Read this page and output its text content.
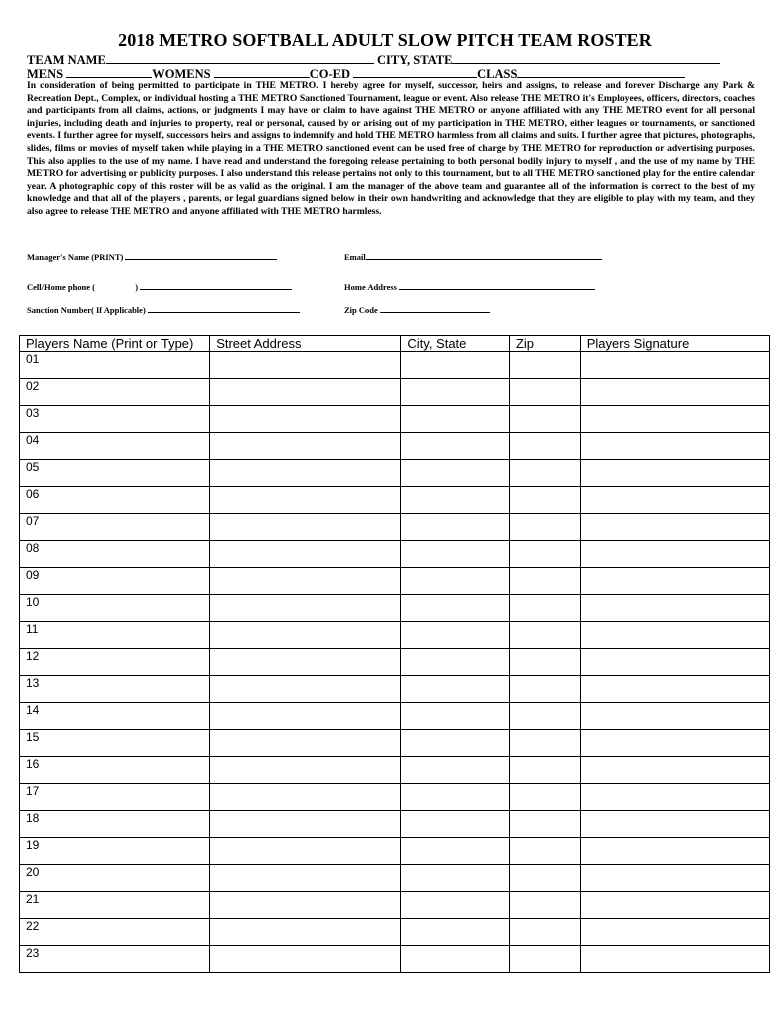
2018 METRO SOFTBALL ADULT SLOW PITCH TEAM ROSTER
TEAM NAME	CITY, STATE
MENS	WOMENS	CO-ED	CLASS
In consideration of being permitted to participate in THE METRO. I hereby agree for myself, successor, heirs and assigns, to release and forever Discharge any Park & Recreation Dept., Complex, or individual hosting a THE METRO Sanctioned Tournament, league or event. Also release THE METRO it's Employees, officers, directors, coaches and participants from all claims, actions, or judgments I may have or claim to have against THE METRO or anyone affiliated with any THE METRO event for all personal injuries, including death and injuries to property, real or personal, caused by or arising out of my participation in THE METRO, either leagues or tournaments, or sanctioned events. I further agree for myself, successors heirs and assigns to indemnify and hold THE METRO harmless from all claims and suits. I further agree that pictures, photographs, slides, films or movies of myself taken while playing in a THE METRO sanctioned event can be used free of charge by THE METRO for reproduction or advertising purposes. This also applies to the use of my name. I have read and understand the foregoing release pertaining to both personal bodily injury to myself , and the use of my name by THE METRO for advertising or publicity purposes. I also understand this release pertains not only to this tournament, but to all THE METRO sanctioned play for the entire calendar year. A photographic copy of this roster will be as valid as the original. I am the manager of the above team and guarantee all of the information is correct to the best of my knowledge and that all of the players , parents, or legal guardians signed below in their own handwriting and acknowledge that they are eligible to play with my team, and they also agree to release THE METRO and anyone affiliated with THE METRO harmless.
Manager's Name (PRINT)	Email
Cell/Home phone (	)	Home Address
Sanction Number( If Applicable)	Zip Code
Players Name (Print or Type)	Street Address	City, State	Zip	Players Signature
01				
02				
03				
04				
05				
06				
07				
08				
09				
10				
11				
12				
13				
14				
15				
16				
17				
18				
19				
20				
21				
22				
23				
